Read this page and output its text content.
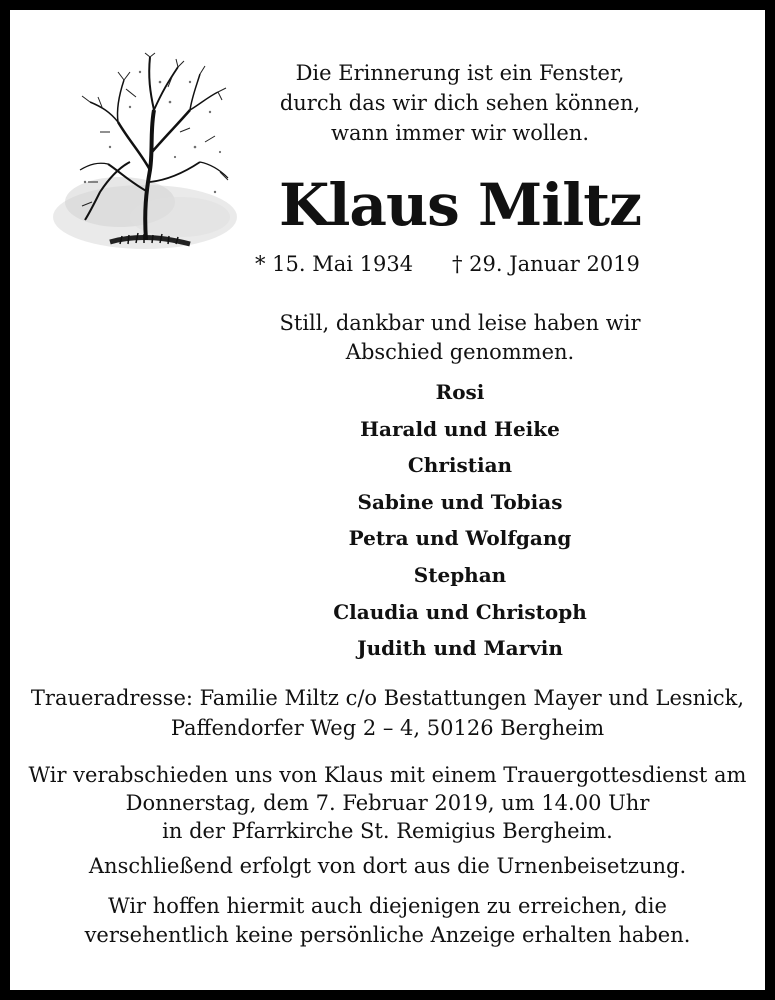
Die Erinnerung ist ein Fenster,
durch das wir dich sehen können,
wann immer wir wollen.
Klaus Miltz
* 15. Mai 1934 † 29. Januar 2019
Still, dankbar und leise haben wir
Abschied genommen.
Rosi
Harald und Heike
Christian
Sabine und Tobias
Petra und Wolfgang
Stephan
Claudia und Christoph
Judith und Marvin
Traueradresse: Familie Miltz c/o Bestattungen Mayer und Lesnick,
Paffendorfer Weg 2 – 4, 50126 Bergheim
Wir verabschieden uns von Klaus mit einem Trauergottesdienst am
Donnerstag, dem 7. Februar 2019, um 14.00 Uhr
in der Pfarrkirche St. Remigius Bergheim.
Anschließend erfolgt von dort aus die Urnenbeisetzung.
Wir hoffen hiermit auch diejenigen zu erreichen, die
versehentlich keine persönliche Anzeige erhalten haben.
